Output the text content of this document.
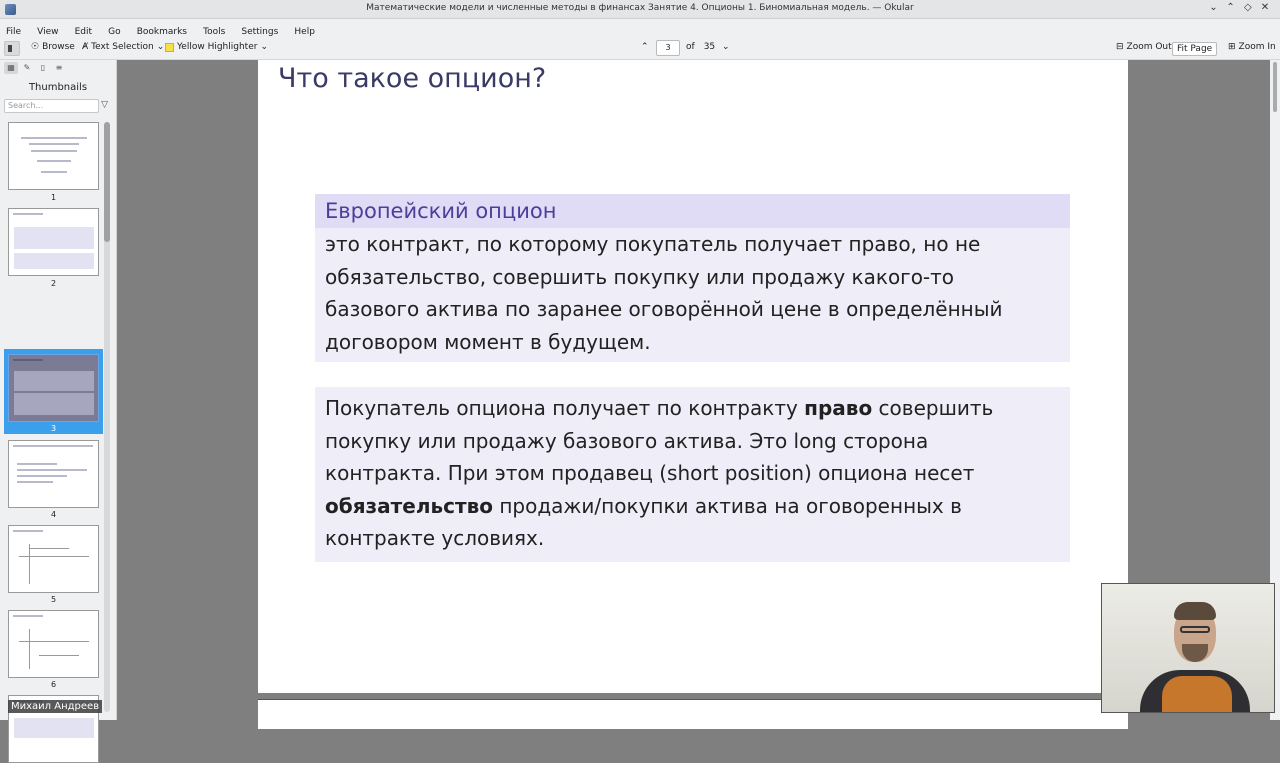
Математические модели и численные методы в финансах Занятие 4. Опционы 1. Биномиальная модель. — Okular	⌄ ⌃ ◇ ✕
File View Edit Go Bookmarks Tools Settings Help
☉ Browse Ⱥ Text Selection ⌄ Yellow Highlighter ⌄	⌃	3	of 35 ⌄	⊟ Zoom Out Fit Page	⊞ Zoom In
▦	✎	▯	≡
Thumbnails
Search...	▽
1
2
3
4
5
6
Что такое опцион?
Европейский опцион
это контракт, по которому покупатель получает право, но не
обязательство, совершить покупку или продажу какого-то
базового актива по заранее оговорённой цене в определённый
договором момент в будущем.
Покупатель опциона получает по контракту право совершить
покупку или продажу базового актива. Это long сторона
контракта. При этом продавец (short position) опциона несет
обязательство продажи/покупки актива на оговоренных в
контракте условиях.
Михаил Андреев
